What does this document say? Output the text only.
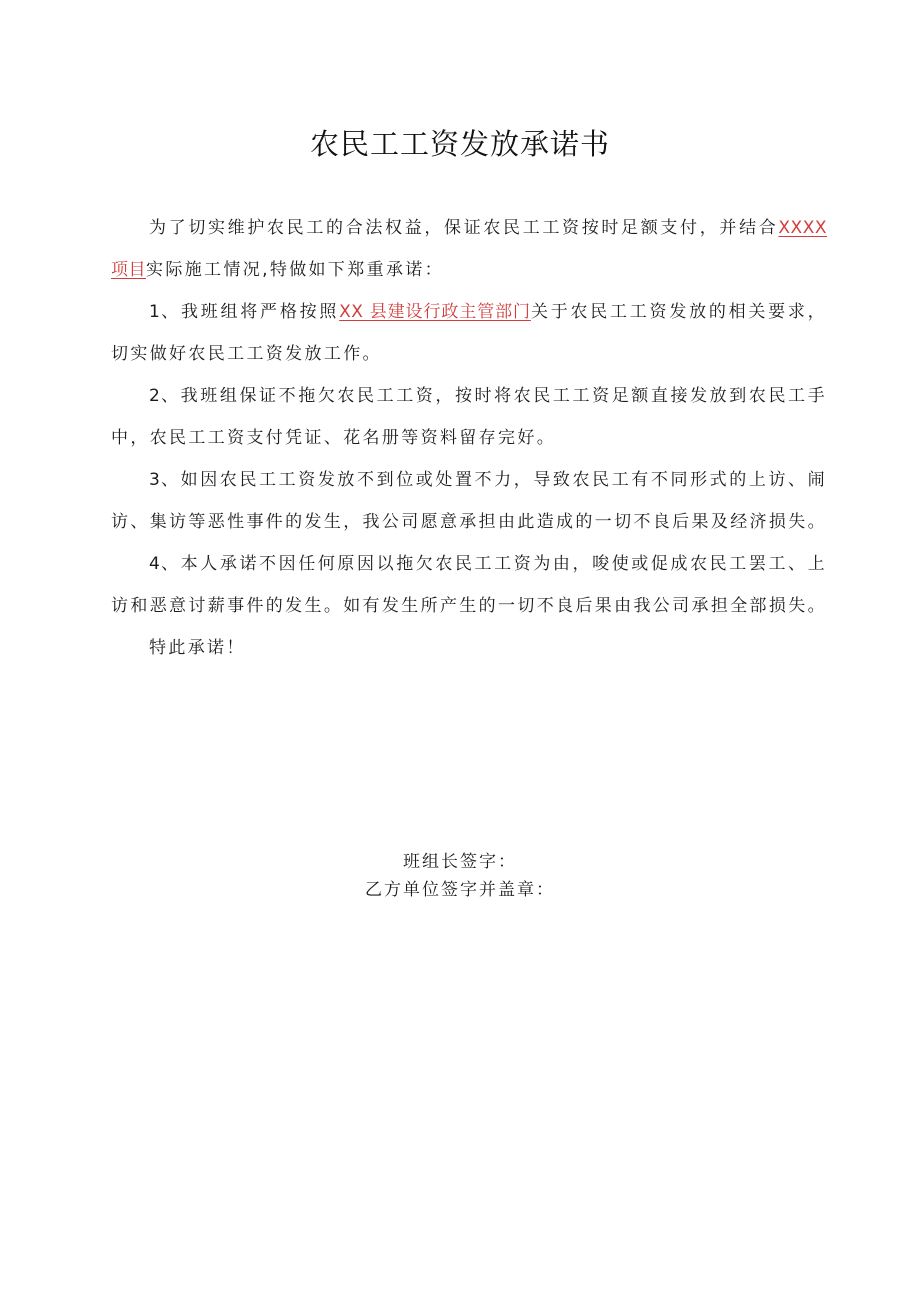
农民工工资发放承诺书

为了切实维护农民工的合法权益，保证农民工工资按时足额支付，并结合XXXX 项目实际施工情况,特做如下郑重承诺：

1、我班组将严格按照XX 县建设行政主管部门关于农民工工资发放的相关要求，切实做好农民工工资发放工作。

2、我班组保证不拖欠农民工工资，按时将农民工工资足额直接发放到农民工手中，农民工工资支付凭证、花名册等资料留存完好。

3、如因农民工工资发放不到位或处置不力，导致农民工有不同形式的上访、闹访、集访等恶性事件的发生，我公司愿意承担由此造成的一切不良后果及经济损失。

4、本人承诺不因任何原因以拖欠农民工工资为由，唆使或促成农民工罢工、上访和恶意讨薪事件的发生。如有发生所产生的一切不良后果由我公司承担全部损失。

特此承诺！

班组长签字：
乙方单位签字并盖章：
